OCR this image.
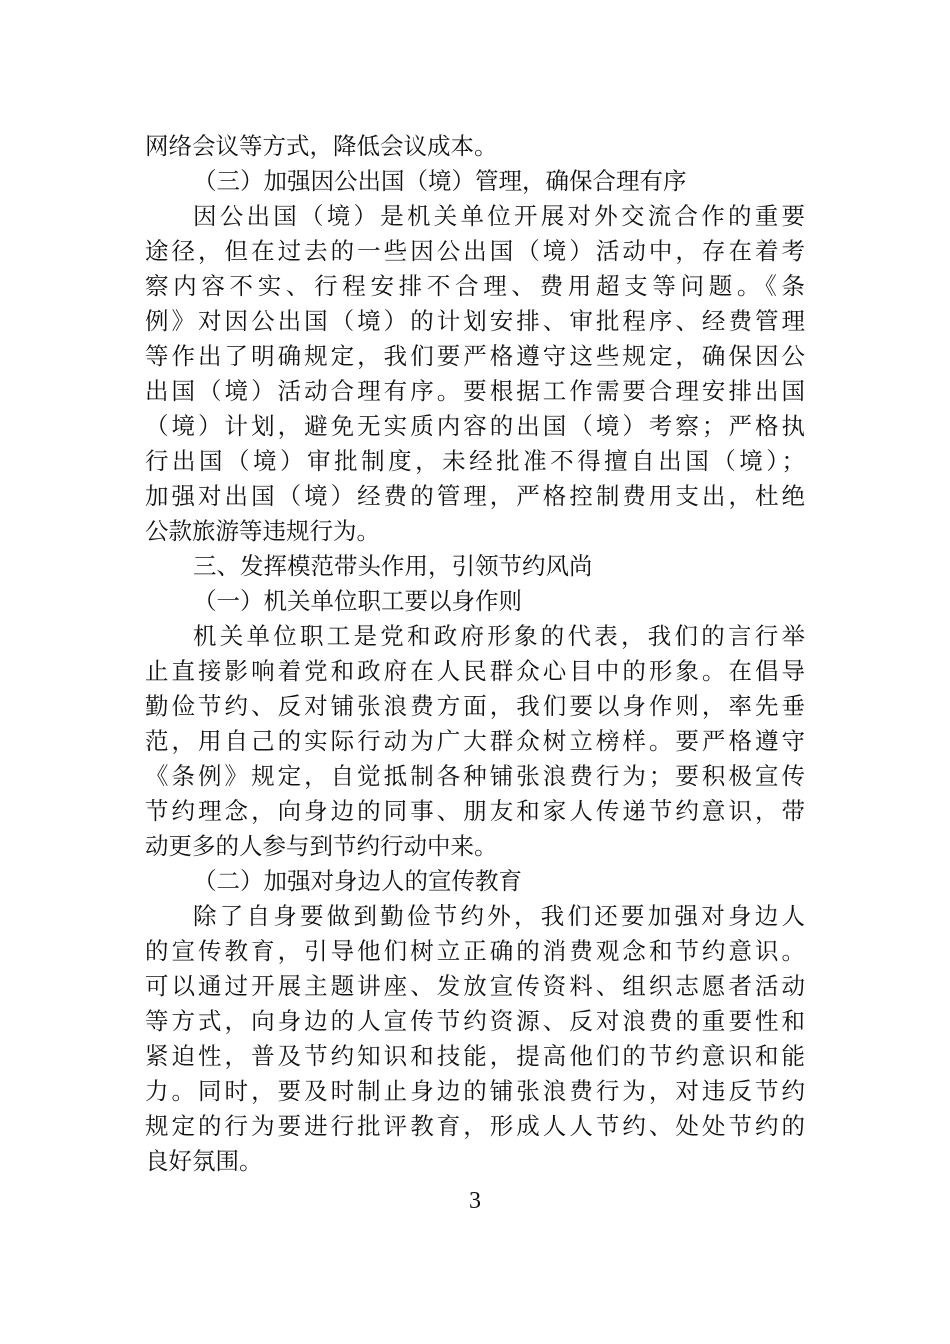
网络会议等方式，降低会议成本。
（三）加强因公出国（境）管理，确保合理有序
因公出国（境）是机关单位开展对外交流合作的重要
途径，但在过去的一些因公出国（境）活动中，存在着考
察内容不实、行程安排不合理、费用超支等问题。《条
例》对因公出国（境）的计划安排、审批程序、经费管理
等作出了明确规定，我们要严格遵守这些规定，确保因公
出国（境）活动合理有序。要根据工作需要合理安排出国
（境）计划，避免无实质内容的出国（境）考察；严格执
行出国（境）审批制度，未经批准不得擅自出国（境）；
加强对出国（境）经费的管理，严格控制费用支出，杜绝
公款旅游等违规行为。
三、发挥模范带头作用，引领节约风尚
（一）机关单位职工要以身作则
机关单位职工是党和政府形象的代表，我们的言行举
止直接影响着党和政府在人民群众心目中的形象。在倡导
勤俭节约、反对铺张浪费方面，我们要以身作则，率先垂
范，用自己的实际行动为广大群众树立榜样。要严格遵守
《条例》规定，自觉抵制各种铺张浪费行为；要积极宣传
节约理念，向身边的同事、朋友和家人传递节约意识，带
动更多的人参与到节约行动中来。
（二）加强对身边人的宣传教育
除了自身要做到勤俭节约外，我们还要加强对身边人
的宣传教育，引导他们树立正确的消费观念和节约意识。
可以通过开展主题讲座、发放宣传资料、组织志愿者活动
等方式，向身边的人宣传节约资源、反对浪费的重要性和
紧迫性，普及节约知识和技能，提高他们的节约意识和能
力。同时，要及时制止身边的铺张浪费行为，对违反节约
规定的行为要进行批评教育，形成人人节约、处处节约的
良好氛围。
3
